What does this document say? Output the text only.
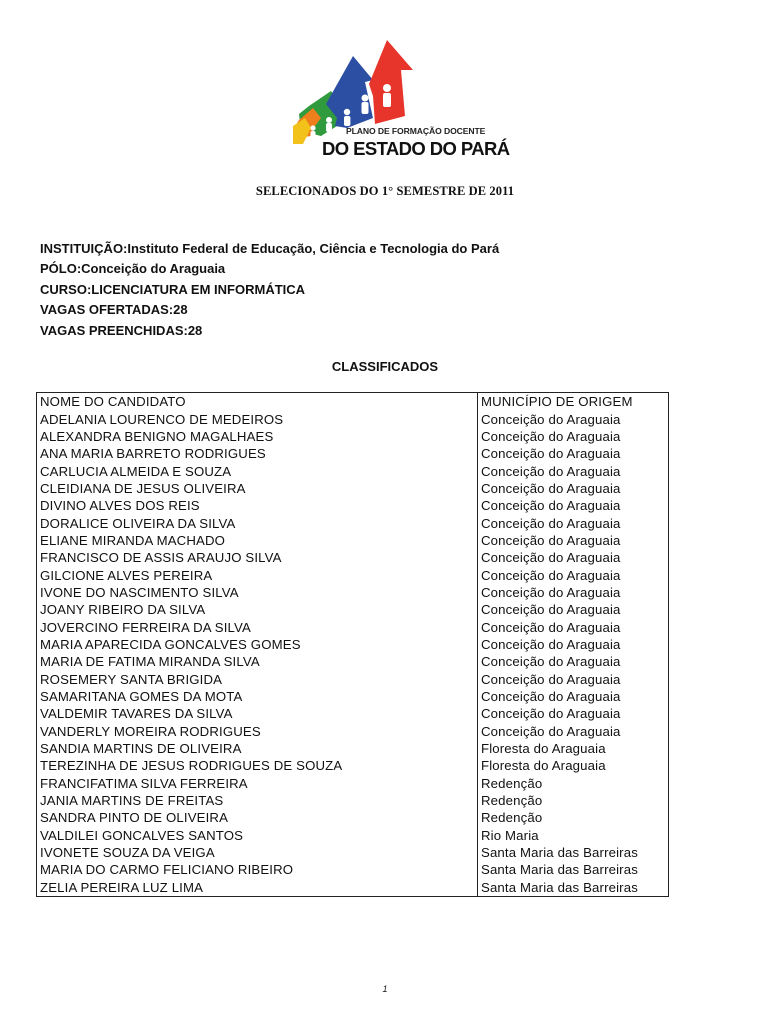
PLANO DE FORMAÇÃO DOCENTE
DO ESTADO DO PARÁ
SELECIONADOS DO 1° SEMESTRE DE 2011
INSTITUIÇÃO:Instituto Federal de Educação, Ciência e Tecnologia do Pará
PÓLO:Conceição do Araguaia
CURSO:LICENCIATURA EM INFORMÁTICA
VAGAS OFERTADAS:28
VAGAS PREENCHIDAS:28
CLASSIFICADOS
NOME DO CANDIDATO	MUNICÍPIO DE ORIGEM
ADELANIA LOURENCO DE MEDEIROS	Conceição do Araguaia
ALEXANDRA BENIGNO MAGALHAES	Conceição do Araguaia
ANA MARIA BARRETO RODRIGUES	Conceição do Araguaia
CARLUCIA ALMEIDA E SOUZA	Conceição do Araguaia
CLEIDIANA DE JESUS OLIVEIRA	Conceição do Araguaia
DIVINO ALVES DOS REIS	Conceição do Araguaia
DORALICE OLIVEIRA DA SILVA	Conceição do Araguaia
ELIANE MIRANDA MACHADO	Conceição do Araguaia
FRANCISCO DE ASSIS ARAUJO SILVA	Conceição do Araguaia
GILCIONE ALVES PEREIRA	Conceição do Araguaia
IVONE DO NASCIMENTO SILVA	Conceição do Araguaia
JOANY RIBEIRO DA SILVA	Conceição do Araguaia
JOVERCINO FERREIRA DA SILVA	Conceição do Araguaia
MARIA APARECIDA GONCALVES GOMES	Conceição do Araguaia
MARIA DE FATIMA MIRANDA SILVA	Conceição do Araguaia
ROSEMERY SANTA BRIGIDA	Conceição do Araguaia
SAMARITANA GOMES DA MOTA	Conceição do Araguaia
VALDEMIR TAVARES DA SILVA	Conceição do Araguaia
VANDERLY MOREIRA RODRIGUES	Conceição do Araguaia
SANDIA MARTINS DE OLIVEIRA	Floresta do Araguaia
TEREZINHA DE JESUS RODRIGUES DE SOUZA	Floresta do Araguaia
FRANCIFATIMA SILVA FERREIRA	Redenção
JANIA MARTINS DE FREITAS	Redenção
SANDRA PINTO DE OLIVEIRA	Redenção
VALDILEI GONCALVES SANTOS	Rio Maria
IVONETE SOUZA DA VEIGA	Santa Maria das Barreiras
MARIA DO CARMO FELICIANO RIBEIRO	Santa Maria das Barreiras
ZELIA PEREIRA LUZ LIMA	Santa Maria das Barreiras
1
